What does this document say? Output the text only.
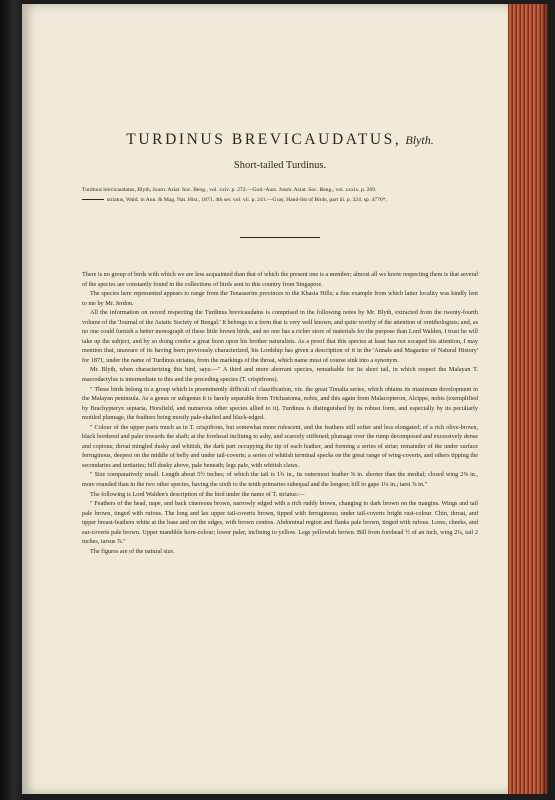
TURDINUS BREVICAUDATUS, Blyth.
Short-tailed Turdinus.

Turdinus brevicaudatus, Blyth, Journ. Asiat. Soc. Beng., vol. xxiv. p. 272.—God.-Aust. Journ. Asiat. Soc. Beng., vol. xxxix. p. 269.

striatus, Wald. in Ann. & Mag. Nat. Hist., 1871, 4th ser. vol. vii. p. 241.—Gray, Hand-list of Birds, part iii. p. 324. sp. 4776*.

There is no group of birds with which we are less acquainted than that of which the present one is a member; almost all we know respecting them is that several of the species are constantly found in the collections of birds sent to this country from Singapore.

The species here represented appears to range from the Tenasserim provinces to the Khasia Hills; a fine example from which latter locality was kindly lent to me by Mr. Jerdon.

All the information on record respecting the Turdinus brevicaudatus is comprised in the following notes by Mr. Blyth, extracted from the twenty-fourth volume of the 'Journal of the Asiatic Society of Bengal.' It belongs to a form that is very well known, and quite worthy of the attention of ornithologists; and, as no one could furnish a better monograph of these little brown birds, and no one has a richer store of materials for the purpose than Lord Walden, I trust he will take up the subject, and by so doing confer a great boon upon his brother naturalists. As a proof that this species at least has not escaped his attention, I may mention that, unaware of its having been previously characterized, his Lordship has given a description of it in the 'Annals and Magazine of Natural History' for 1871, under the name of Turdinus striatus, from the markings of the throat, which name must of course sink into a synonym.

Mr. Blyth, when characterizing this bird, says:—" A third and more aberrant species, remarkable for its short tail, in which respect the Malayan T. macrodactylus is intermediate to this and the preceding species (T. crispifrons).

" These birds belong to a group which is preeminently difficult of classification, viz. the great Timalia series, which obtains its maximum development in the Malayan peninsula. As a genus or subgenus it is barely separable from Trichastoma, nobis, and this again from Malacopteron, Alcippe, nobis (exemplified by Brachypteryx sepiaria, Horsfield, and numerous other species allied to it). Turdinus is distinguished by its robust form, and especially by its peculiarly mottled plumage, the feathers being mostly pale-shafted and black-edged.

" Colour of the upper parts much as in T. crispifrons, but somewhat more rufescent, and the feathers still softer and less elongated; of a rich olive-brown, black bordered and paler towards the shaft; at the forehead inclining to ashy, and scarcely stiffened; plumage over the rump decomposed and excessively dense and copious; throat mingled dusky and whitish, the dark part occupying the tip of each feather, and forming a series of striæ; remainder of the under surface ferruginous, deepest on the middle of belly and under tail-coverts; a series of whitish terminal specks on the great range of wing-coverts, and others tipping the secondaries and tertiaries; bill dusky above, pale beneath; legs pale, with whitish claws.

" Size comparatively small. Length about 5½ inches; of which the tail is 1¾ in., its outermost feather ⅝ in. shorter than the medial; closed wing 2⅝ in., more rounded than in the two other species, having the sixth to the tenth primaries subequal and the longest; bill to gape 1¼ in.; tarsi ⅞ in."

The following is Lord Walden's description of the bird under the name of T. striatus:—

" Feathers of the head, nape, and back cinereous brown, narrowly edged with a rich ruddy brown, changing to dark brown on the margins. Wings and tail pale brown, tinged with rufous. The long and lax upper tail-coverts brown, tipped with ferruginous; under tail-coverts bright rust-colour. Chin, throat, and upper breast-feathers white at the base and on the edges, with brown centres. Abdominal region and flanks pale brown, tinged with rufous. Lores, cheeks, and ear-coverts pale brown. Upper mandible horn-colour; lower paler, inclining to yellow. Legs yellowish brown. Bill from forehead ½ of an inch, wing 2¼, tail 2 inches, tarsus ⅞."

The figures are of the natural size.
